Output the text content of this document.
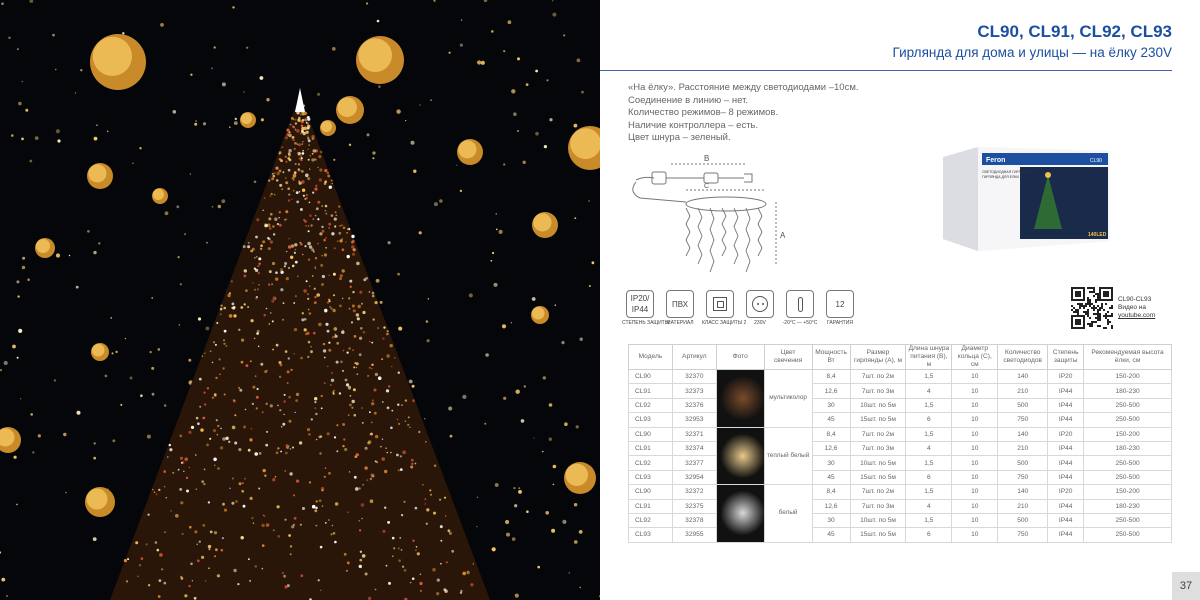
CL90, CL91, CL92, CL93
Гирлянда для дома и улицы — на ёлку 230V
«На ёлку». Расстояние между светодиодами –10см.
Соединение в линию – нет.
Количество режимов– 8 режимов.
Наличие контроллера – есть.
Цвет шнура – зеленый.
B
C
A
Feron	CL90
СВЕТОДИОДНАЯ ГИРЛЯНДА
ГИРЛЯНДА ДЛЯ ЕЛКИ
140LED
IP20/ IP44
СТЕПЕНЬ ЗАЩИТЫ
ПВХ
МАТЕРИАЛ	КЛАСС ЗАЩИТЫ 2	230V	-20°C — +50°C
12
ГАРАНТИЯ
CL90-CL93
Видео на
youtube.com
Модель	Артикул	Фото	Цвет свечения	Мощность Вт	Размер гирлянды (А), м	Длина шнура питания (В), м	Диаметр кольца (С), см	Количество светодиодов	Степень защиты	Рекомендуемая высота ёлки, см
CL90	32370		мультиколор	8,4	7шт. по 2м	1,5	10	140	IP20	150-200
CL91	32373			12,6	7шт. по 3м	4	10	210	IP44	180-230
CL92	32376			30	10шт. по 5м	1,5	10	500	IP44	250-500
CL93	32953			45	15шт. по 5м	6	10	750	IP44	250-500
CL90	32371		теплый белый	8,4	7шт. по 2м	1,5	10	140	IP20	150-200
CL91	32374			12,6	7шт. по 3м	4	10	210	IP44	180-230
CL92	32377			30	10шт. по 5м	1,5	10	500	IP44	250-500
CL93	32954			45	15шт. по 5м	6	10	750	IP44	250-500
CL90	32372		белый	8,4	7шт. по 2м	1,5	10	140	IP20	150-200
CL91	32375			12,6	7шт. по 3м	4	10	210	IP44	180-230
CL92	32378			30	10шт. по 5м	1,5	10	500	IP44	250-500
CL93	32955			45	15шт. по 5м	6	10	750	IP44	250-500
37
